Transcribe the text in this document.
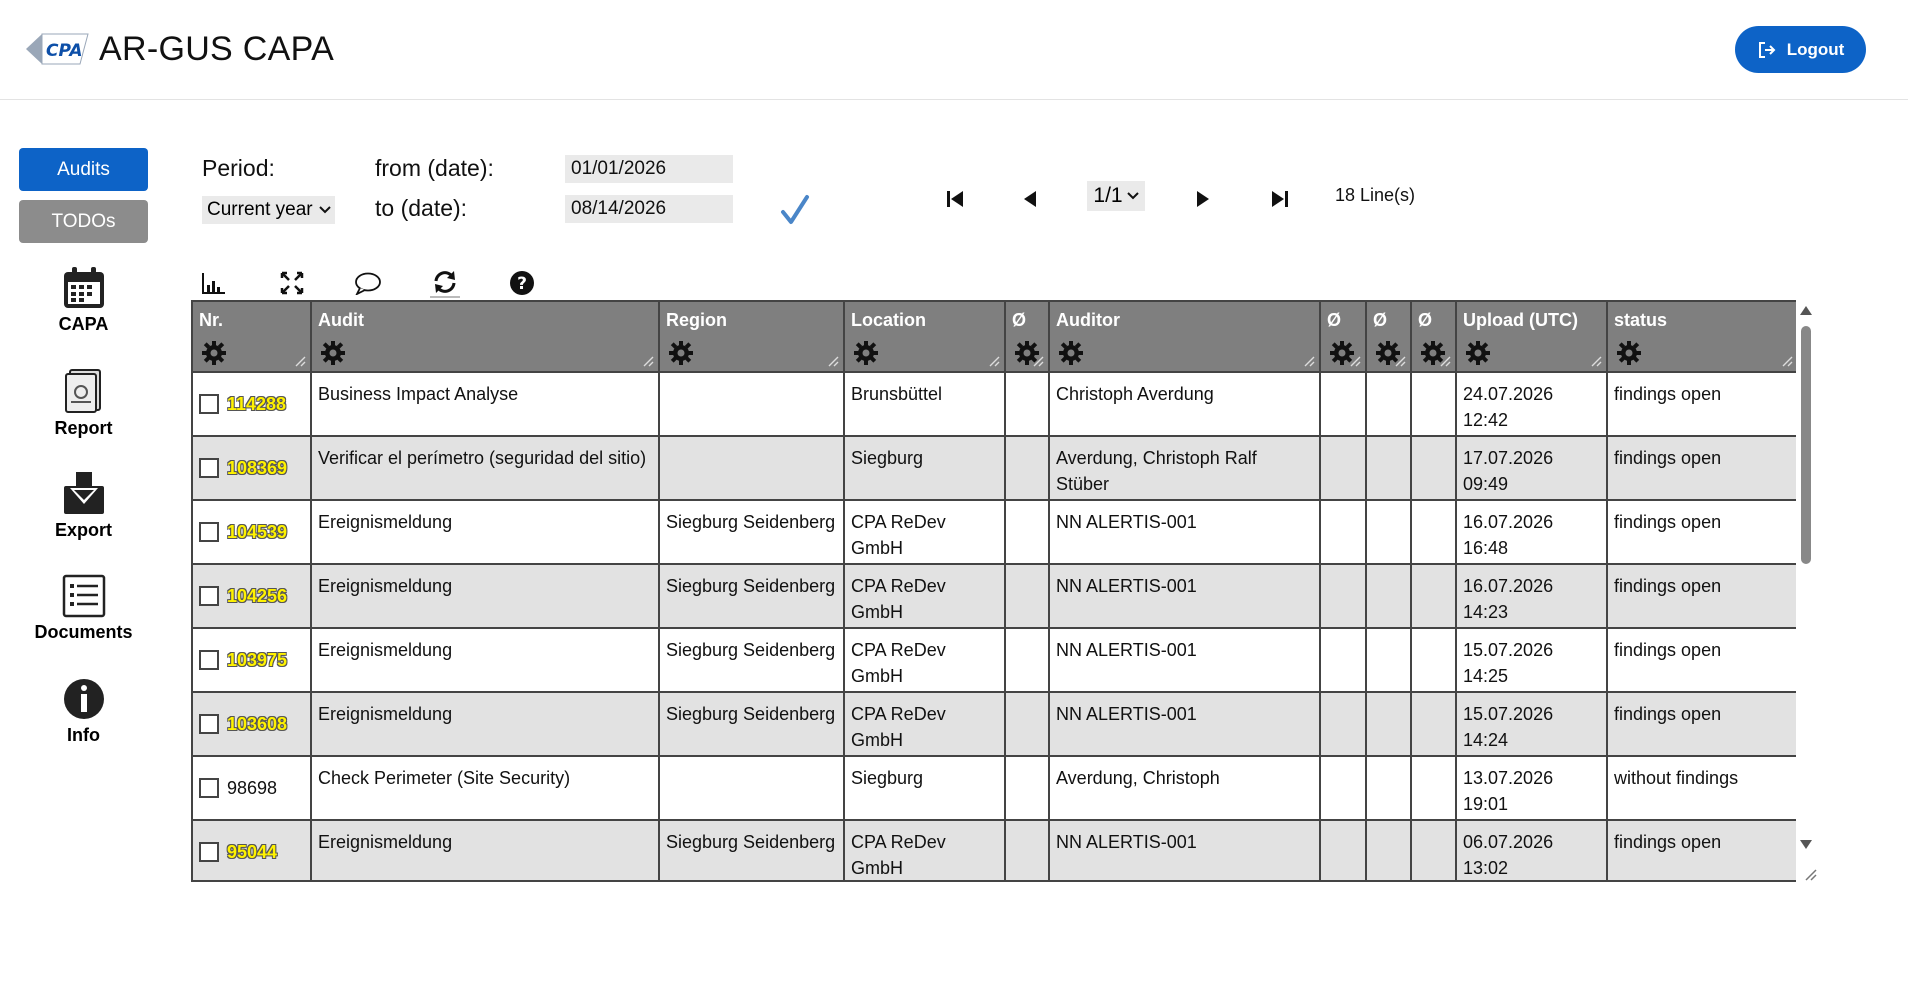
CPA AR-GUS CAPA	Logout
Audits
TODOs
CAPA
Report
Export
Documents
Info
Period:
Current year
from (date):
01/01/2026
to (date):
08/14/2026	1/1	18 Line(s)
?
Nr.	Audit	Region	Location	Ø	Auditor	Ø	Ø	Ø	Upload (UTC)	status

114288	Business Impact Analyse		Brunsbüttel		Christoph Averdung				24.07.2026 12:42	findings open

108369	Verificar el perímetro (seguridad del sitio)		Siegburg		Averdung, Christoph Ralf Stüber				17.07.2026 09:49	findings open

104539	Ereignismeldung	Siegburg Seidenberg	CPA ReDev GmbH		NN ALERTIS-001				16.07.2026 16:48	findings open

104256	Ereignismeldung	Siegburg Seidenberg	CPA ReDev GmbH		NN ALERTIS-001				16.07.2026 14:23	findings open

103975	Ereignismeldung	Siegburg Seidenberg	CPA ReDev GmbH		NN ALERTIS-001				15.07.2026 14:25	findings open

103608	Ereignismeldung	Siegburg Seidenberg	CPA ReDev GmbH		NN ALERTIS-001				15.07.2026 14:24	findings open

98698	Check Perimeter (Site Security)		Siegburg		Averdung, Christoph				13.07.2026 19:01	without findings

95044	Ereignismeldung	Siegburg Seidenberg	CPA ReDev GmbH		NN ALERTIS-001				06.07.2026 13:02	findings open
